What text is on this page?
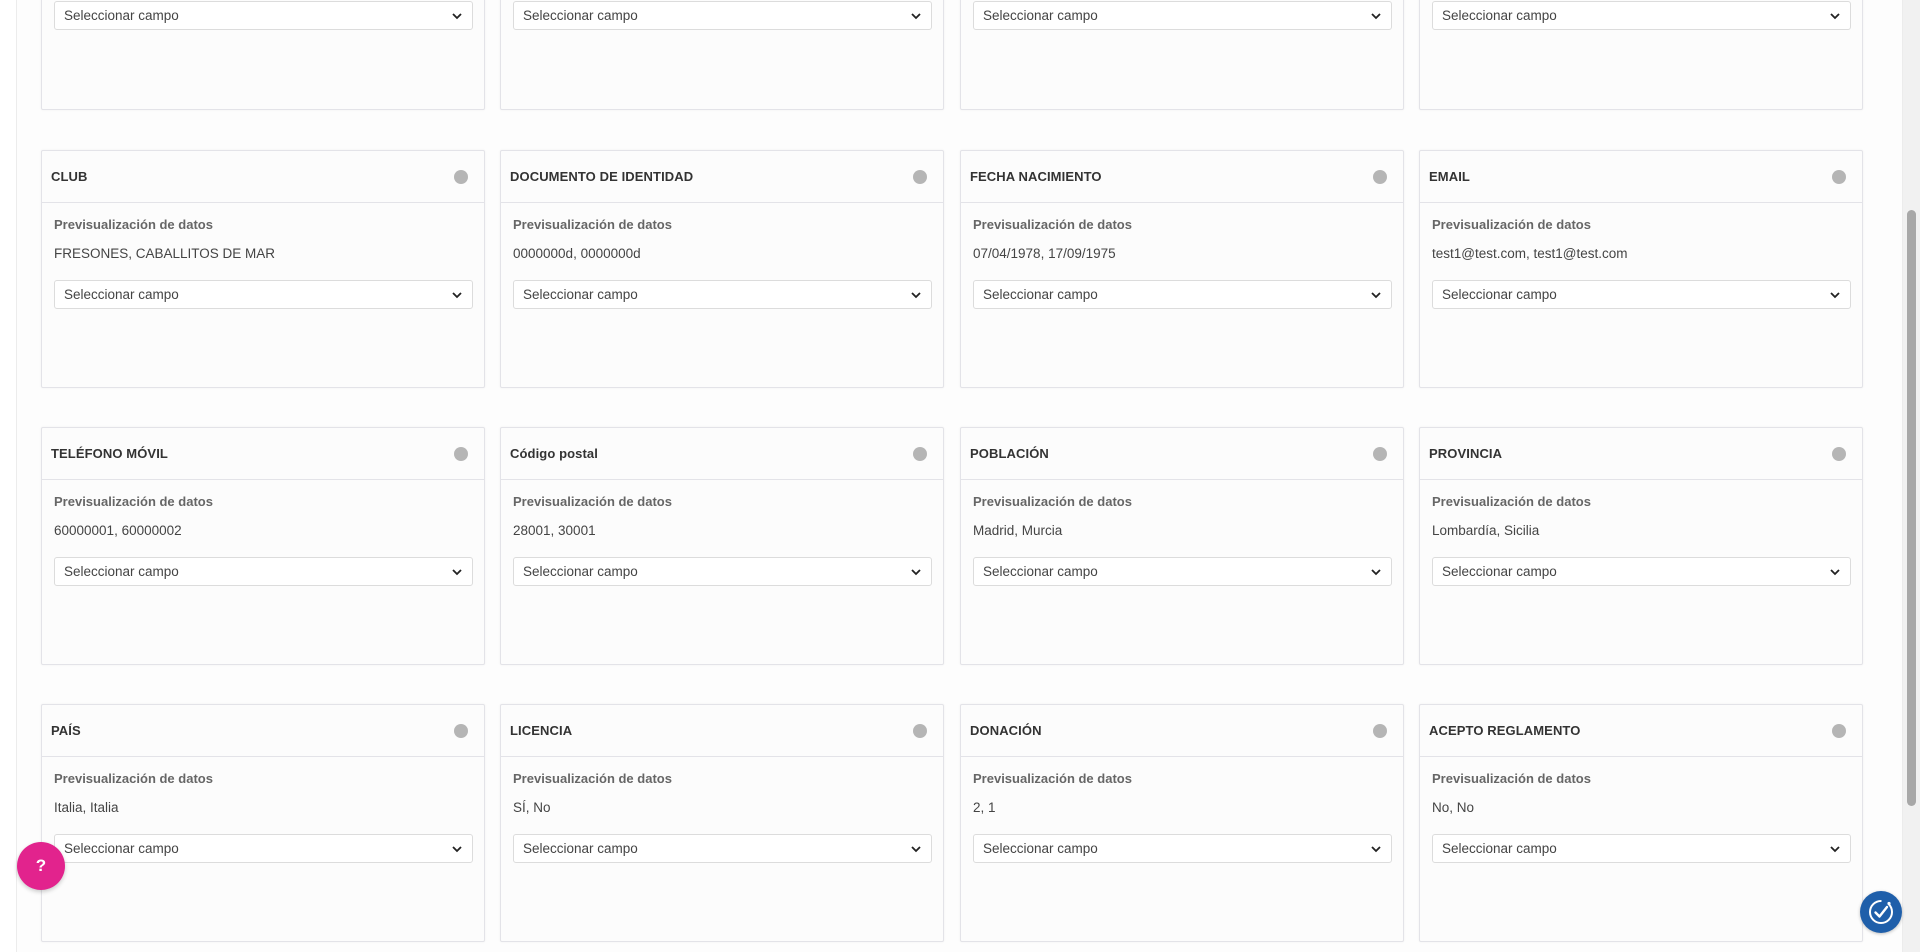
Seleccionar campo	Seleccionar campo	Seleccionar campo	Seleccionar campo
CLUB
Previsualización de datos
FRESONES, CABALLITOS DE MAR
Seleccionar campo
DOCUMENTO DE IDENTIDAD
Previsualización de datos
0000000d, 0000000d
Seleccionar campo
FECHA NACIMIENTO
Previsualización de datos
07/04/1978, 17/09/1975
Seleccionar campo
EMAIL
Previsualización de datos
test1@test.com, test1@test.com
Seleccionar campo
TELÉFONO MÓVIL
Previsualización de datos
60000001, 60000002
Seleccionar campo
Código postal
Previsualización de datos
28001, 30001
Seleccionar campo
POBLACIÓN
Previsualización de datos
Madrid, Murcia
Seleccionar campo
PROVINCIA
Previsualización de datos
Lombardía, Sicilia
Seleccionar campo
PAÍS
Previsualización de datos
Italia, Italia
Seleccionar campo
LICENCIA
Previsualización de datos
SÍ, No
Seleccionar campo
DONACIÓN
Previsualización de datos
2, 1
Seleccionar campo
ACEPTO REGLAMENTO
Previsualización de datos
No, No
Seleccionar campo
?
